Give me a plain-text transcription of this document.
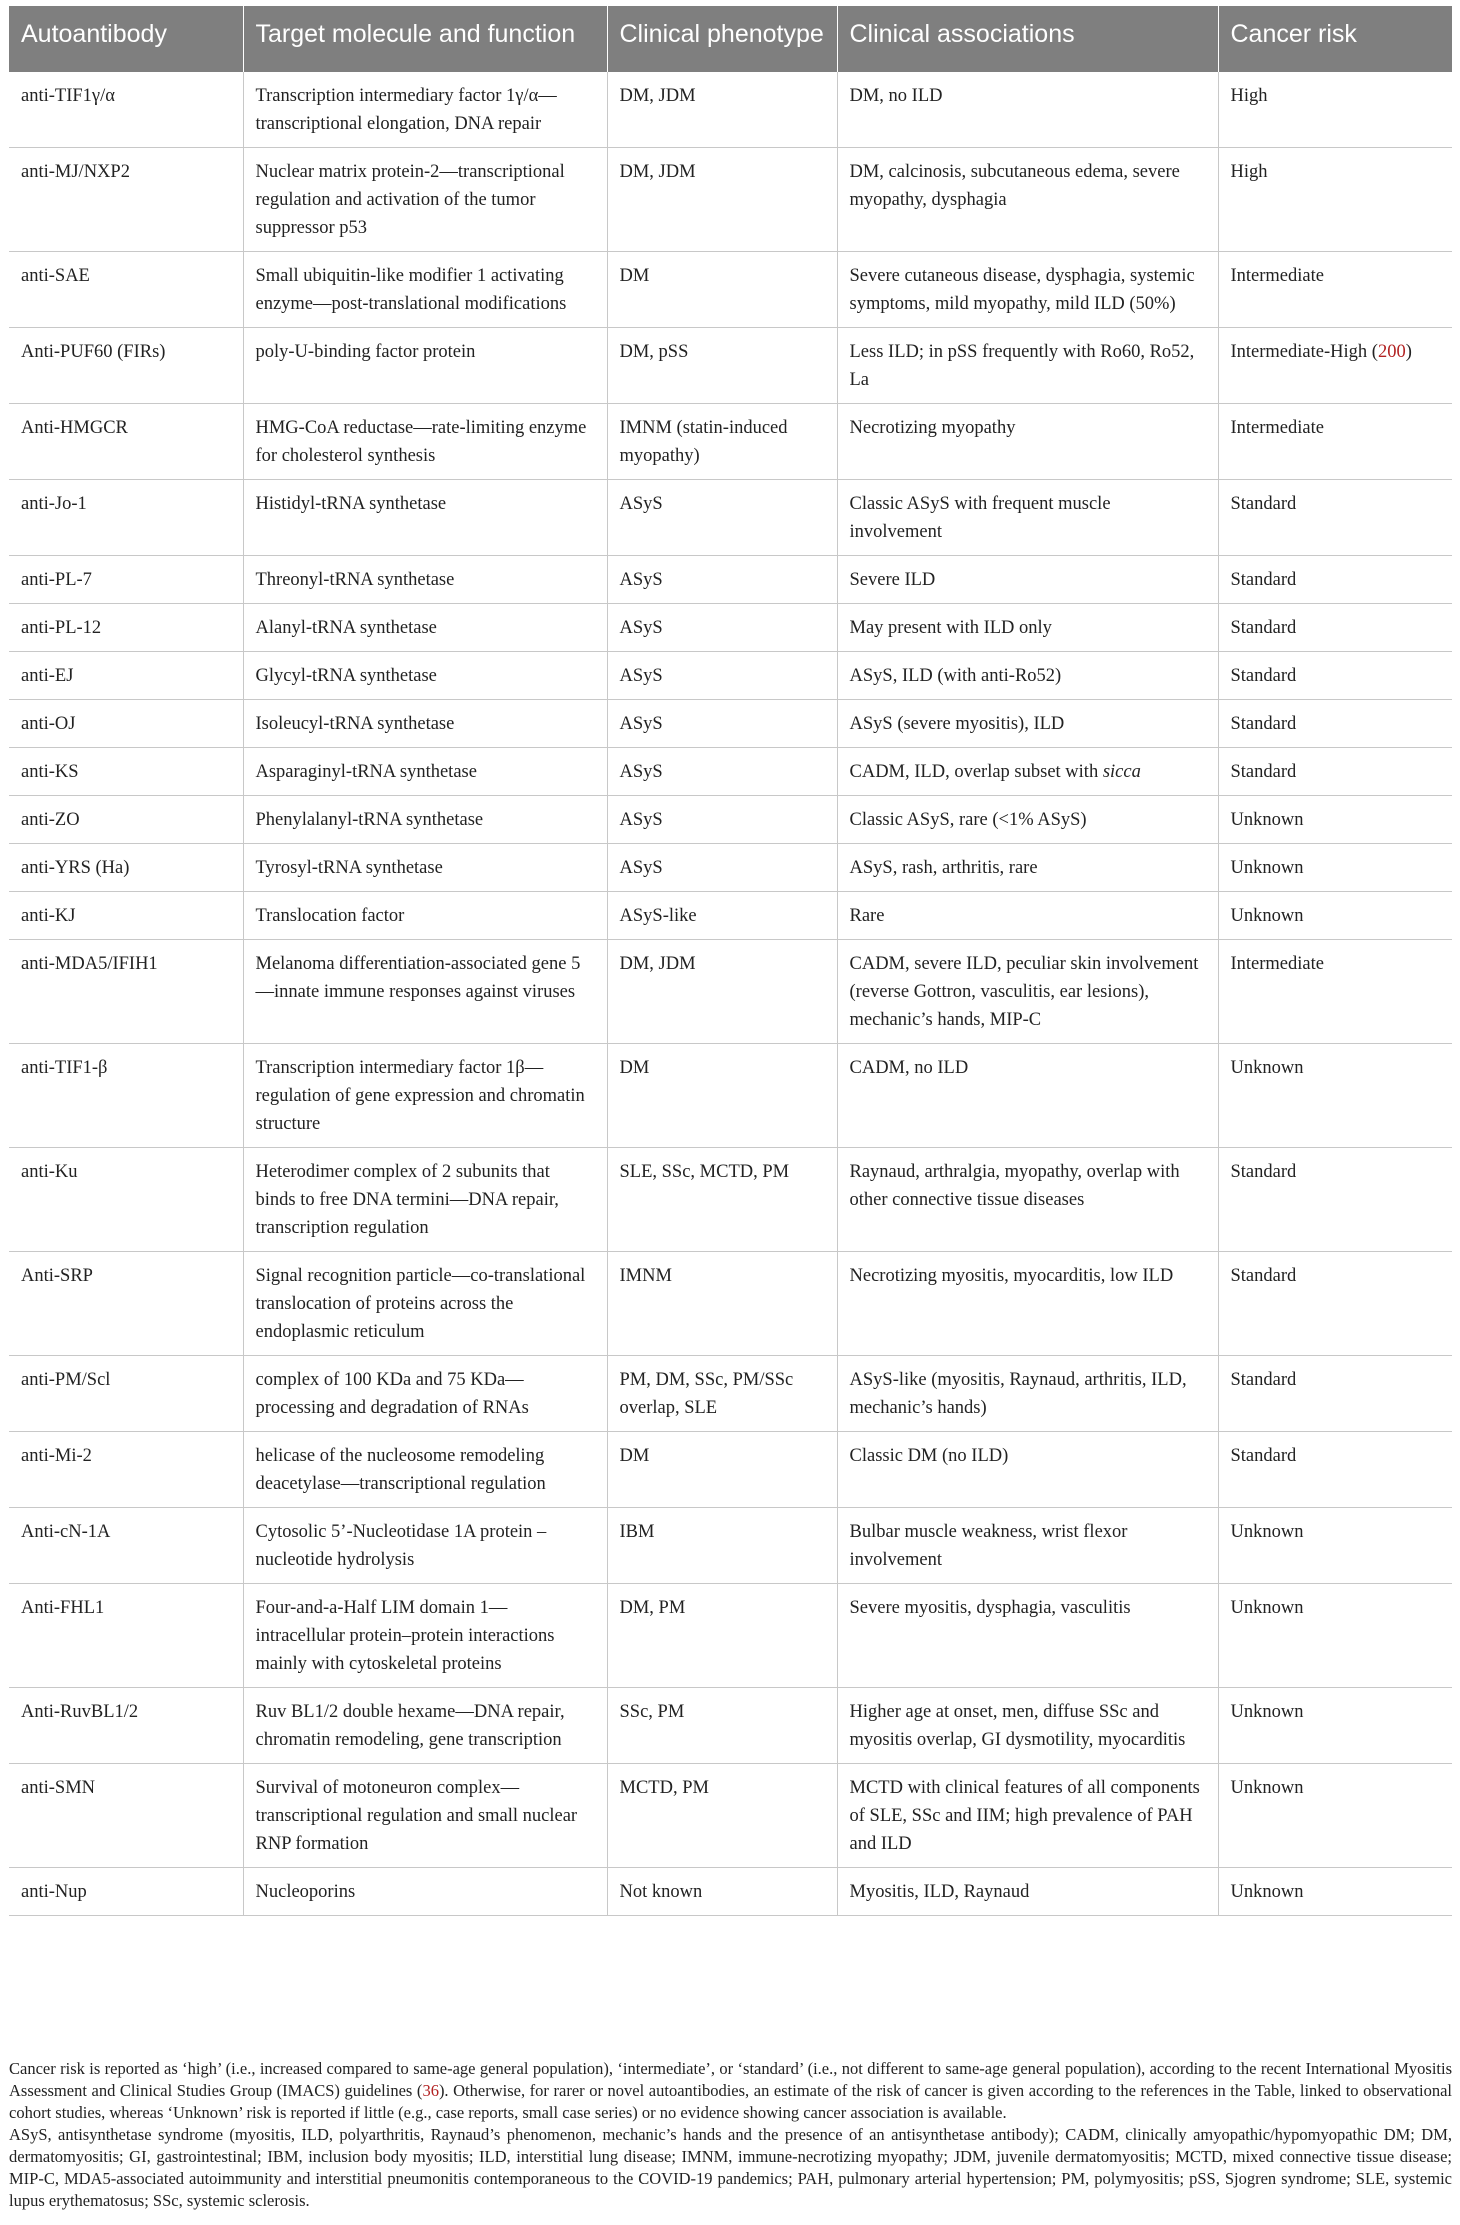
Autoantibody	Target molecule and function	Clinical phenotype	Clinical associations	Cancer risk
anti-TIF1γ/α	Transcription intermediary factor 1γ/α—transcriptional elongation, DNA repair	DM, JDM	DM, no ILD	High
anti-MJ/NXP2	Nuclear matrix protein-2—transcriptional regulation and activation of the tumor suppressor p53	DM, JDM	DM, calcinosis, subcutaneous edema, severe myopathy, dysphagia	High
anti-SAE	Small ubiquitin-like modifier 1 activating enzyme—post-translational modifications	DM	Severe cutaneous disease, dysphagia, systemic symptoms, mild myopathy, mild ILD (50%)	Intermediate
Anti-PUF60 (FIRs)	poly-U-binding factor protein	DM, pSS	Less ILD; in pSS frequently with Ro60, Ro52, La	Intermediate-High (200)
Anti-HMGCR	HMG-CoA reductase—rate-limiting enzyme for cholesterol synthesis	IMNM (statin-induced myopathy)	Necrotizing myopathy	Intermediate
anti-Jo-1	Histidyl-tRNA synthetase	ASyS	Classic ASyS with frequent muscle involvement	Standard
anti-PL-7	Threonyl-tRNA synthetase	ASyS	Severe ILD	Standard
anti-PL-12	Alanyl-tRNA synthetase	ASyS	May present with ILD only	Standard
anti-EJ	Glycyl-tRNA synthetase	ASyS	ASyS, ILD (with anti-Ro52)	Standard
anti-OJ	Isoleucyl-tRNA synthetase	ASyS	ASyS (severe myositis), ILD	Standard
anti-KS	Asparaginyl-tRNA synthetase	ASyS	CADM, ILD, overlap subset with sicca	Standard
anti-ZO	Phenylalanyl-tRNA synthetase	ASyS	Classic ASyS, rare (<1% ASyS)	Unknown
anti-YRS (Ha)	Tyrosyl-tRNA synthetase	ASyS	ASyS, rash, arthritis, rare	Unknown
anti-KJ	Translocation factor	ASyS-like	Rare	Unknown
anti-MDA5/IFIH1	Melanoma differentiation-associated gene 5—innate immune responses against viruses	DM, JDM	CADM, severe ILD, peculiar skin involvement (reverse Gottron, vasculitis, ear lesions), mechanic’s hands, MIP-C	Intermediate
anti-TIF1-β	Transcription intermediary factor 1β—regulation of gene expression and chromatin structure	DM	CADM, no ILD	Unknown
anti-Ku	Heterodimer complex of 2 subunits that binds to free DNA termini—DNA repair, transcription regulation	SLE, SSc, MCTD, PM	Raynaud, arthralgia, myopathy, overlap with other connective tissue diseases	Standard
Anti-SRP	Signal recognition particle—co-translational translocation of proteins across the endoplasmic reticulum	IMNM	Necrotizing myositis, myocarditis, low ILD	Standard
anti-PM/Scl	complex of 100 KDa and 75 KDa—processing and degradation of RNAs	PM, DM, SSc, PM/SSc overlap, SLE	ASyS-like (myositis, Raynaud, arthritis, ILD, mechanic’s hands)	Standard
anti-Mi-2	helicase of the nucleosome remodeling deacetylase—transcriptional regulation	DM	Classic DM (no ILD)	Standard
Anti-cN-1A	Cytosolic 5’-Nucleotidase 1A protein – nucleotide hydrolysis	IBM	Bulbar muscle weakness, wrist flexor involvement	Unknown
Anti-FHL1	Four-and-a-Half LIM domain 1—intracellular protein–protein interactions mainly with cytoskeletal proteins	DM, PM	Severe myositis, dysphagia, vasculitis	Unknown
Anti-RuvBL1/2	Ruv BL1/2 double hexame—DNA repair, chromatin remodeling, gene transcription	SSc, PM	Higher age at onset, men, diffuse SSc and myositis overlap, GI dysmotility, myocarditis	Unknown
anti-SMN	Survival of motoneuron complex—transcriptional regulation and small nuclear RNP formation	MCTD, PM	MCTD with clinical features of all components of SLE, SSc and IIM; high prevalence of PAH and ILD	Unknown
anti-Nup	Nucleoporins	Not known	Myositis, ILD, Raynaud	Unknown

Cancer risk is reported as ‘high’ (i.e., increased compared to same-age general population), ‘intermediate’, or ‘standard’ (i.e., not different to same-age general population), according to the recent International Myositis Assessment and Clinical Studies Group (IMACS) guidelines (36). Otherwise, for rarer or novel autoantibodies, an estimate of the risk of cancer is given according to the references in the Table, linked to observational cohort studies, whereas ‘Unknown’ risk is reported if little (e.g., case reports, small case series) or no evidence showing cancer association is available.

ASyS, antisynthetase syndrome (myositis, ILD, polyarthritis, Raynaud’s phenomenon, mechanic’s hands and the presence of an antisynthetase antibody); CADM, clinically amyopathic/hypomyopathic DM; DM, dermatomyositis; GI, gastrointestinal; IBM, inclusion body myositis; ILD, interstitial lung disease; IMNM, immune-necrotizing myopathy; JDM, juvenile dermatomyositis; MCTD, mixed connective tissue disease; MIP-C, MDA5-associated autoimmunity and interstitial pneumonitis contemporaneous to the COVID-19 pandemics; PAH, pulmonary arterial hypertension; PM, polymyositis; pSS, Sjogren syndrome; SLE, systemic lupus erythematosus; SSc, systemic sclerosis.
